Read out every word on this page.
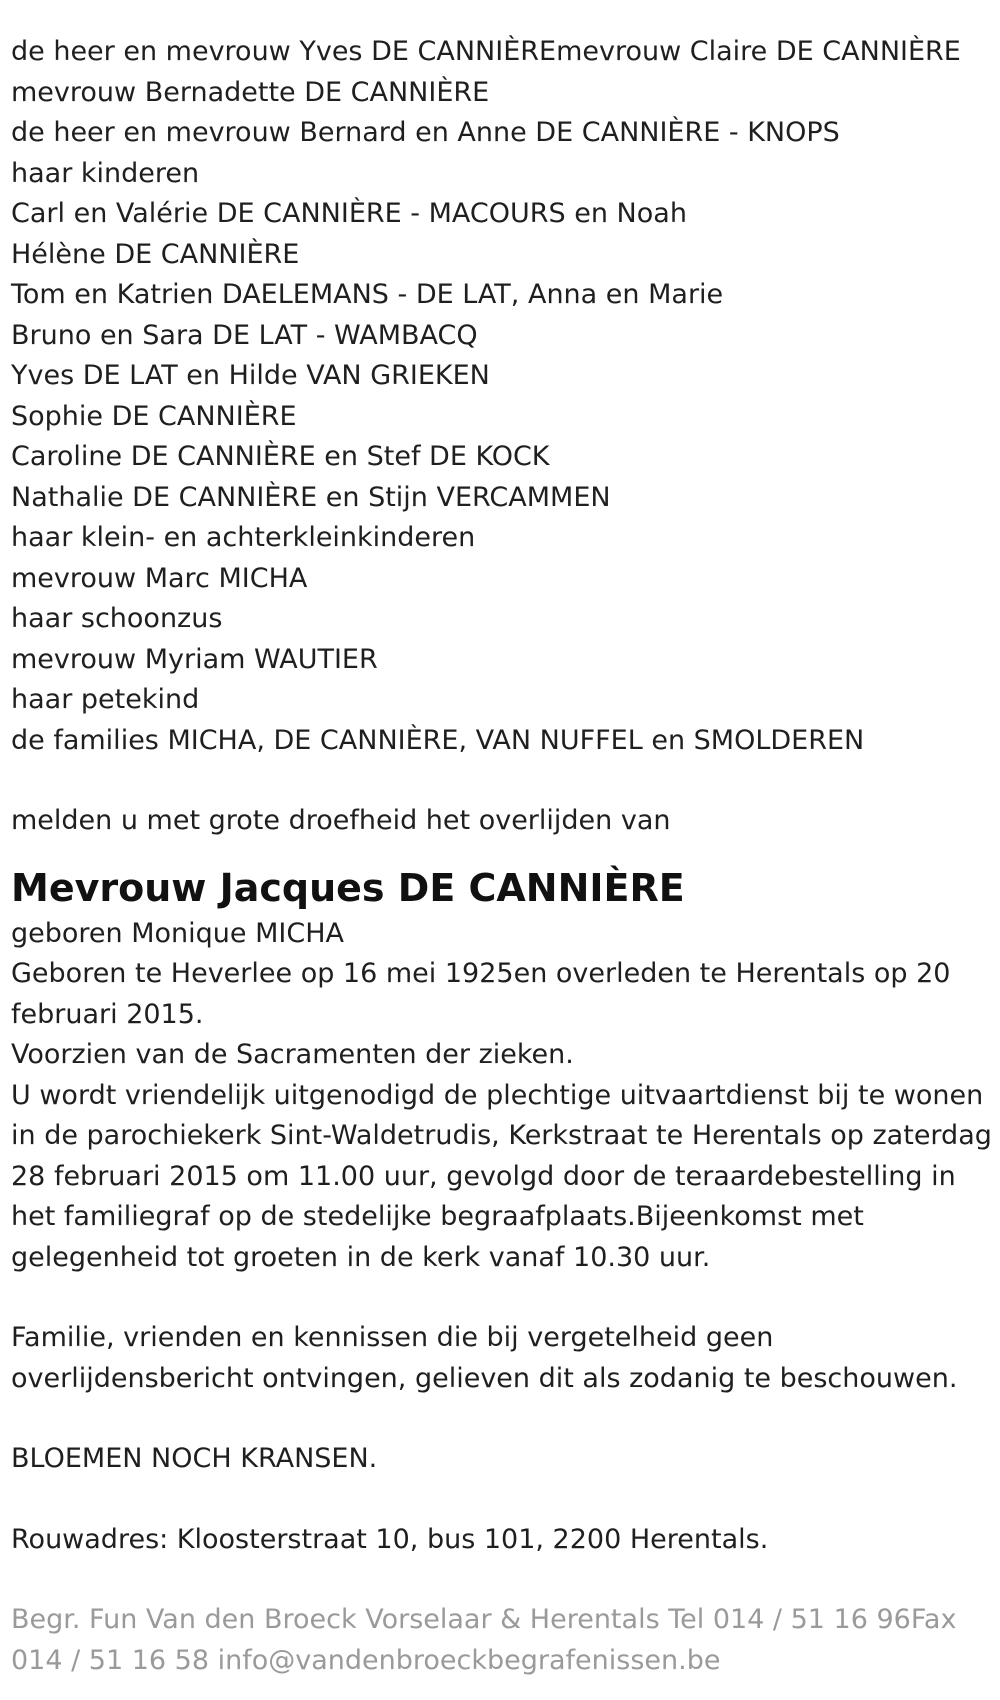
de heer en mevrouw Yves DE CANNIÈREmevrouw Claire DE CANNIÈRE

mevrouw Bernadette DE CANNIÈRE

de heer en mevrouw Bernard en Anne DE CANNIÈRE - KNOPS

haar kinderen

Carl en Valérie DE CANNIÈRE - MACOURS en Noah

Hélène DE CANNIÈRE

Tom en Katrien DAELEMANS - DE LAT, Anna en Marie

Bruno en Sara DE LAT - WAMBACQ

Yves DE LAT en Hilde VAN GRIEKEN

Sophie DE CANNIÈRE

Caroline DE CANNIÈRE en Stef DE KOCK

Nathalie DE CANNIÈRE en Stijn VERCAMMEN

haar klein- en achterkleinkinderen

mevrouw Marc MICHA

haar schoonzus

mevrouw Myriam WAUTIER

haar petekind

de families MICHA, DE CANNIÈRE, VAN NUFFEL en SMOLDEREN

melden u met grote droefheid het overlijden van

Mevrouw Jacques DE CANNIÈRE

geboren Monique MICHA

Geboren te Heverlee op 16 mei 1925en overleden te Herentals op 20 februari 2015.

Voorzien van de Sacramenten der zieken.

U wordt vriendelijk uitgenodigd de plechtige uitvaartdienst bij te wonen in de parochiekerk Sint-Waldetrudis, Kerkstraat te Herentals op zaterdag 28 februari 2015 om 11.00 uur, gevolgd door de teraardebestelling in het familiegraf op de stedelijke begraafplaats.Bijeenkomst met gelegenheid tot groeten in de kerk vanaf 10.30 uur.

Familie, vrienden en kennissen die bij vergetelheid geen overlijdensbericht ontvingen, gelieven dit als zodanig te beschouwen.

BLOEMEN NOCH KRANSEN.

Rouwadres: Kloosterstraat 10, bus 101, 2200 Herentals.

Begr. Fun Van den Broeck Vorselaar & Herentals Tel 014 / 51 16 96Fax 014 / 51 16 58 info@vandenbroeckbegrafenissen.be
